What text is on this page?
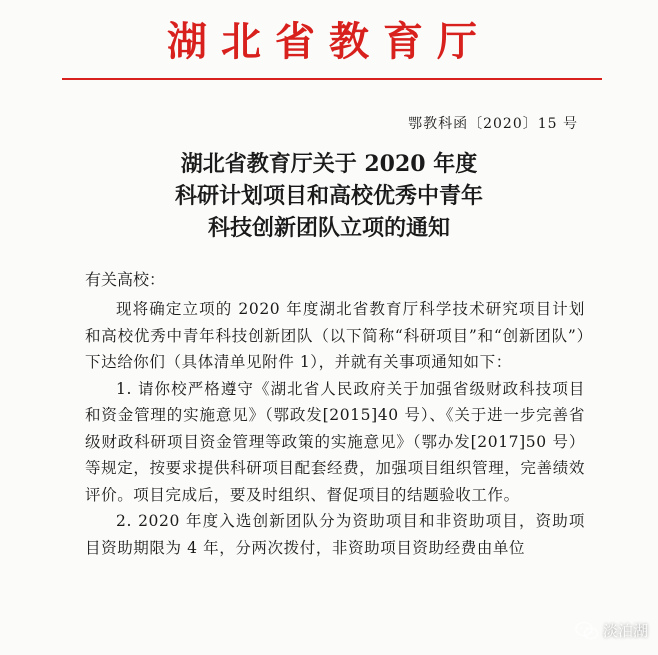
湖北省教育厅
鄂教科函〔2020〕15 号
湖北省教育厅关于 2020 年度
科研计划项目和高校优秀中青年
科技创新团队立项的通知
有关高校：

现将确定立项的 2020 年度湖北省教育厅科学技术研究项目计划和高校优秀中青年科技创新团队（以下简称“科研项目”和“创新团队”）下达给你们（具体清单见附件 1），并就有关事项通知如下：

1. 请你校严格遵守《湖北省人民政府关于加强省级财政科技项目和资金管理的实施意见》（鄂政发[2015]40 号）、《关于进一步完善省级财政科研项目资金管理等政策的实施意见》（鄂办发[2017]50 号）等规定，按要求提供科研项目配套经费，加强项目组织管理，完善绩效评价。项目完成后，要及时组织、督促项目的结题验收工作。

2. 2020 年度入选创新团队分为资助项目和非资助项目，资助项目资助期限为 4 年，分两次拨付，非资助项目资助经费由单位

淡泊湖
